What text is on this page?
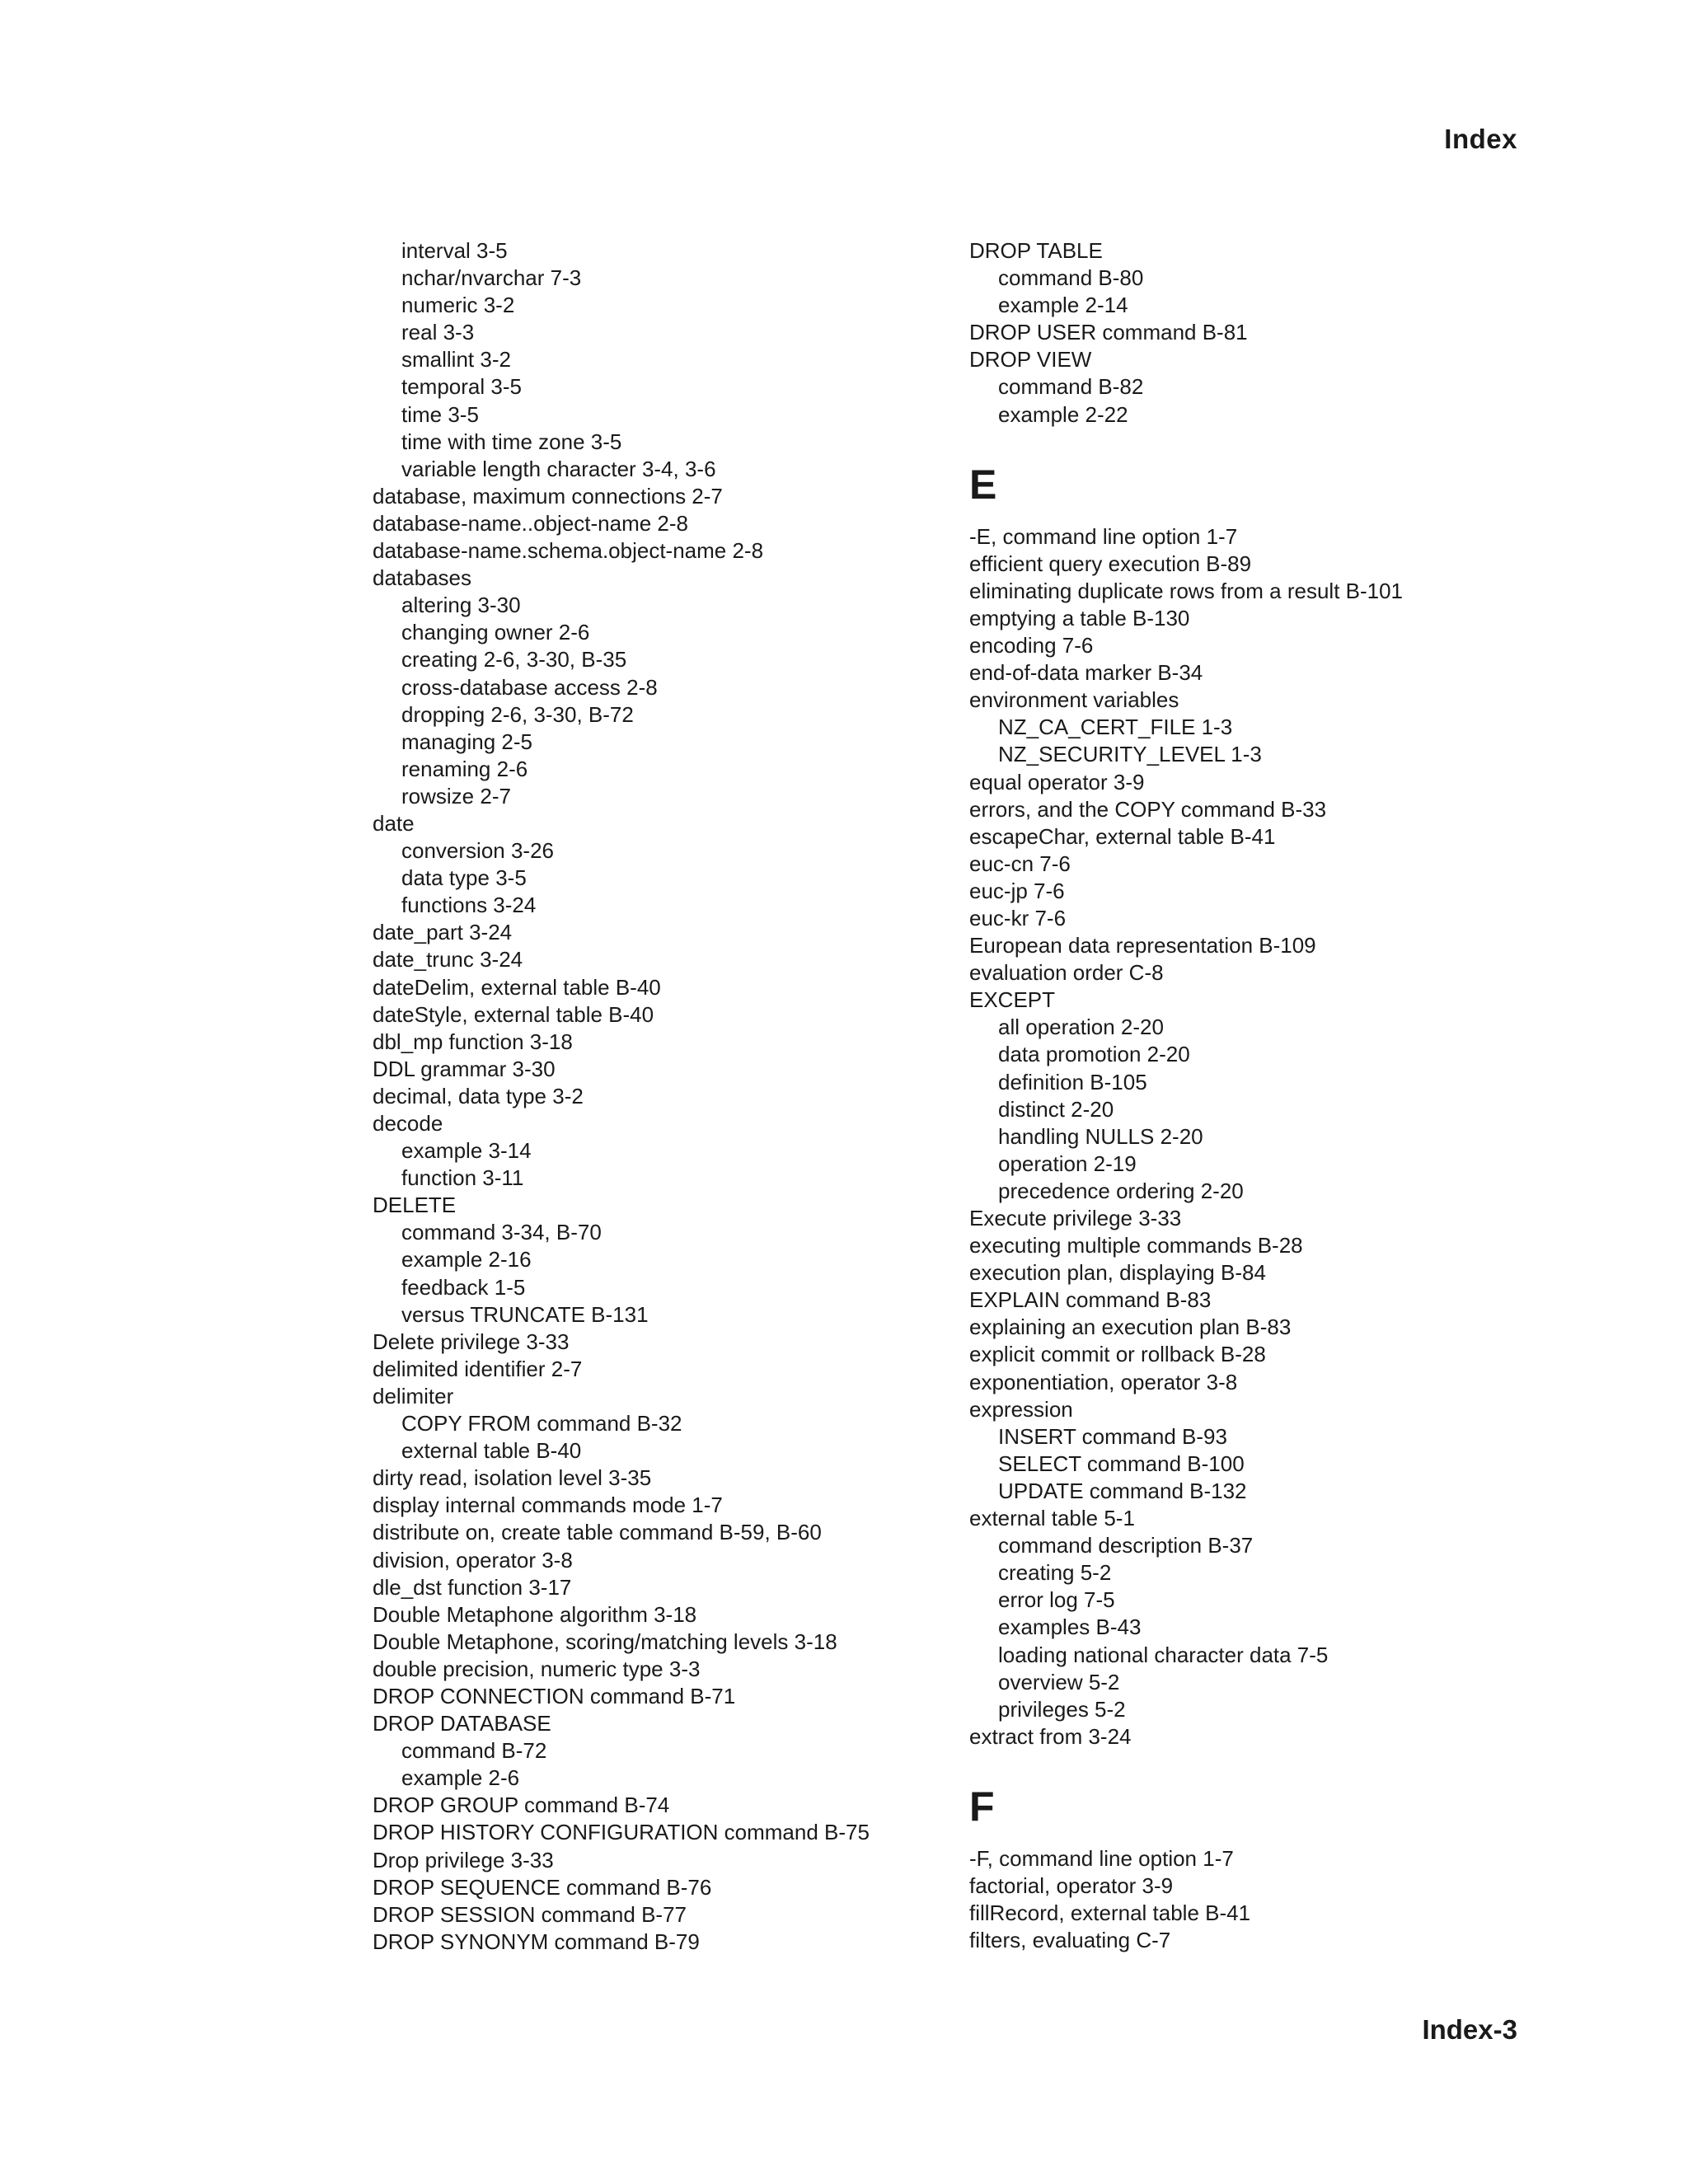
Index
interval 3-5
nchar/nvarchar 7-3
numeric 3-2
real 3-3
smallint 3-2
temporal 3-5
time 3-5
time with time zone 3-5
variable length character 3-4, 3-6
database, maximum connections 2-7
database-name..object-name 2-8
database-name.schema.object-name 2-8
databases
altering 3-30
changing owner 2-6
creating 2-6, 3-30, B-35
cross-database access 2-8
dropping 2-6, 3-30, B-72
managing 2-5
renaming 2-6
rowsize 2-7
date
conversion 3-26
data type 3-5
functions 3-24
date_part 3-24
date_trunc 3-24
dateDelim, external table B-40
dateStyle, external table B-40
dbl_mp function 3-18
DDL grammar 3-30
decimal, data type 3-2
decode
example 3-14
function 3-11
DELETE
command 3-34, B-70
example 2-16
feedback 1-5
versus TRUNCATE B-131
Delete privilege 3-33
delimited identifier 2-7
delimiter
COPY FROM command B-32
external table B-40
dirty read, isolation level 3-35
display internal commands mode 1-7
distribute on, create table command B-59, B-60
division, operator 3-8
dle_dst function 3-17
Double Metaphone algorithm 3-18
Double Metaphone, scoring/matching levels 3-18
double precision, numeric type 3-3
DROP CONNECTION command B-71
DROP DATABASE
command B-72
example 2-6
DROP GROUP command B-74
DROP HISTORY CONFIGURATION command B-75
Drop privilege 3-33
DROP SEQUENCE command B-76
DROP SESSION command B-77
DROP SYNONYM command B-79
DROP TABLE
command B-80
example 2-14
DROP USER command B-81
DROP VIEW
command B-82
example 2-22
E
-E, command line option 1-7
efficient query execution B-89
eliminating duplicate rows from a result B-101
emptying a table B-130
encoding 7-6
end-of-data marker B-34
environment variables
NZ_CA_CERT_FILE 1-3
NZ_SECURITY_LEVEL 1-3
equal operator 3-9
errors, and the COPY command B-33
escapeChar, external table B-41
euc-cn 7-6
euc-jp 7-6
euc-kr 7-6
European data representation B-109
evaluation order C-8
EXCEPT
all operation 2-20
data promotion 2-20
definition B-105
distinct 2-20
handling NULLS 2-20
operation 2-19
precedence ordering 2-20
Execute privilege 3-33
executing multiple commands B-28
execution plan, displaying B-84
EXPLAIN command B-83
explaining an execution plan B-83
explicit commit or rollback B-28
exponentiation, operator 3-8
expression
INSERT command B-93
SELECT command B-100
UPDATE command B-132
external table 5-1
command description B-37
creating 5-2
error log 7-5
examples B-43
loading national character data 7-5
overview 5-2
privileges 5-2
extract from 3-24
F
-F, command line option 1-7
factorial, operator 3-9
fillRecord, external table B-41
filters, evaluating C-7
Index-3
